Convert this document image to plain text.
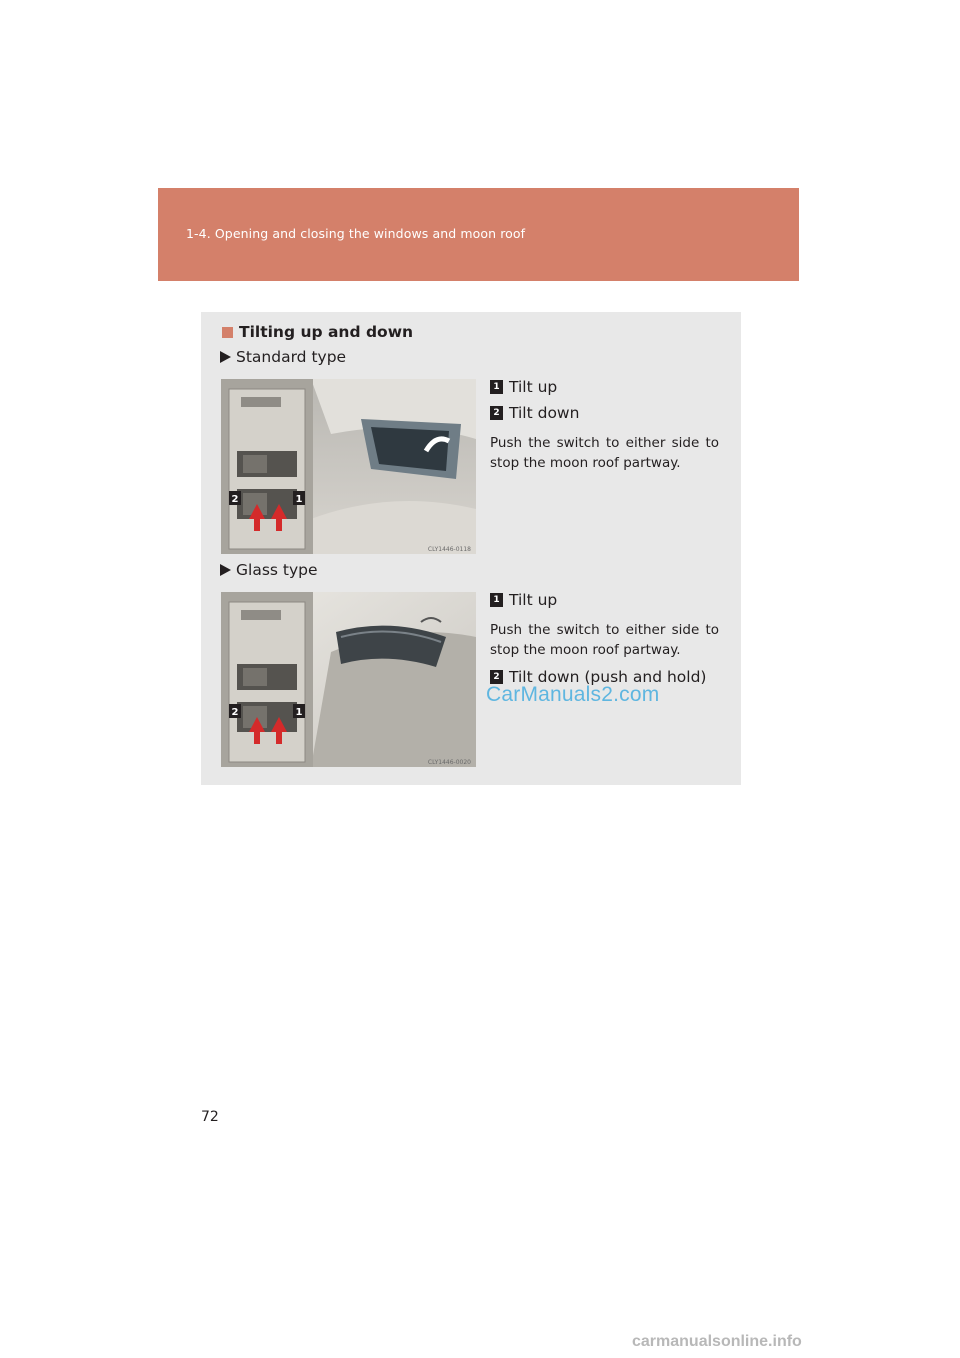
1-4. Opening and closing the windows and moon roof
Tilting up and down
Standard type
2	1
CLY1446-0118
1 Tilt up
2 Tilt down
Push the switch to either side to stop the moon roof partway.
Glass type
2	1
CLY1446-0020
1 Tilt up
Push the switch to either side to stop the moon roof partway.
2 Tilt down (push and hold)
CarManuals2.com
72
carmanualsonline.info
